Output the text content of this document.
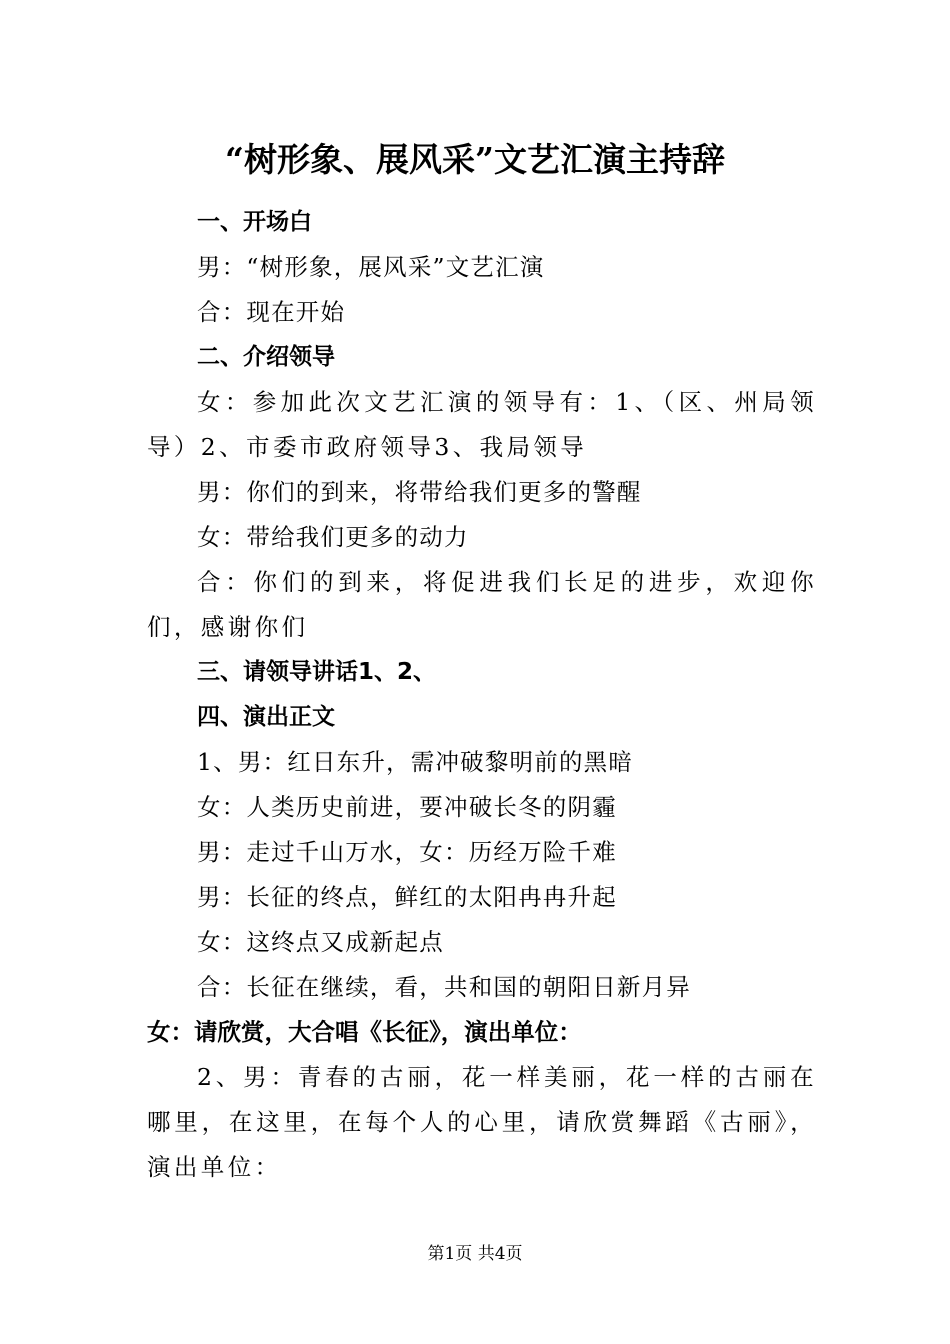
“树形象、展风采”文艺汇演主持辞

一、开场白

男：“树形象，展风采”文艺汇演

合：现在开始

二、介绍领导

女：参加此次文艺汇演的领导有：1、（区、州局领导）2、市委市政府领导3、我局领导

男：你们的到来，将带给我们更多的警醒

女：带给我们更多的动力

合：你们的到来，将促进我们长足的进步，欢迎你们，感谢你们

三、请领导讲话1、2、

四、演出正文

1、男：红日东升，需冲破黎明前的黑暗

女：人类历史前进，要冲破长冬的阴霾

男：走过千山万水，女：历经万险千难

男：长征的终点，鲜红的太阳冉冉升起

女：这终点又成新起点

合：长征在继续，看，共和国的朝阳日新月异

女：请欣赏，大合唱《长征》，演出单位：

2、男：青春的古丽，花一样美丽，花一样的古丽在哪里，在这里，在每个人的心里，请欣赏舞蹈《古丽》，演出单位：

第1页 共4页
